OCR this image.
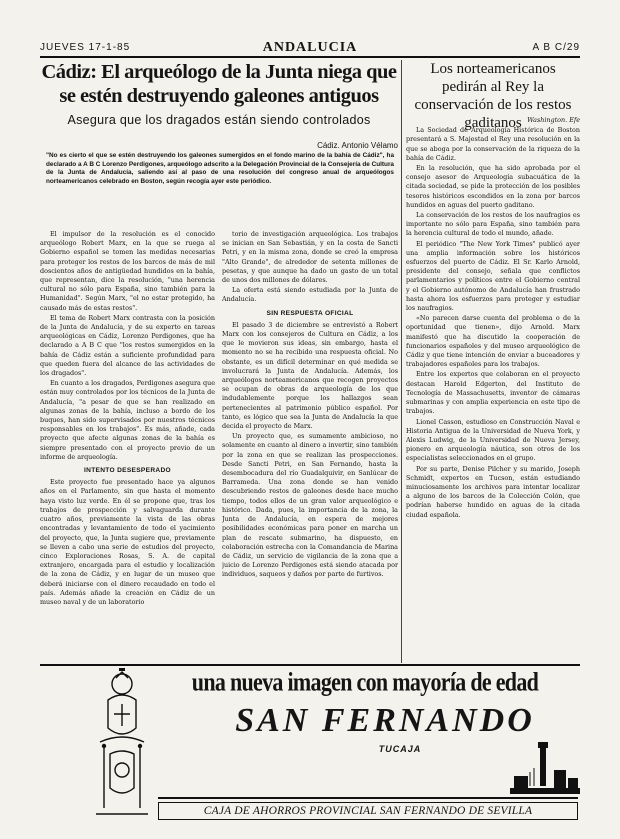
JUEVES 17-1-85	ANDALUCIA	A B C/29
Cádiz: El arqueólogo de la Junta niega que se estén destruyendo galeones antiguos
Asegura que los dragados están siendo controlados
Cádiz. Antonio Vélamo
"No es cierto el que se estén destruyendo los galeones sumergidos en el fondo marino de la bahía de Cádiz", ha declarado a A B C Lorenzo Perdigones, arqueólogo adscrito a la Delegación Provincial de la Consejería de Cultura de la Junta de Andalucía, saliendo así al paso de una resolución del congreso anual de arqueólogos norteamericanos celebrado en Boston, según recogía ayer este periódico.

El impulsor de la resolución es el conocido arqueólogo Robert Marx, en la que se ruega al Gobierno español se tomen las medidas necesarias para proteger los restos de los barcos de más de mil doscientos años de antigüedad hundidos en la bahía, que representan, dice la resolución, "una herencia cultural no sólo para España, sino también para la Humanidad". Según Marx, "el no estar protegido, ha causado más de estas restos".

El tema de Robert Marx contrasta con la posición de la Junta de Andalucía, y de su experto en tareas arqueológicas en Cádiz, Lorenzo Perdigones, que ha declarado a A B C que "los restos sumergidos en la bahía de Cádiz están a suficiente profundidad para que queden fuera del alcance de las actividades de los dragados".

En cuanto a los dragados, Perdigones asegura que están muy controlados por los técnicos de la Junta de Andalucía, "a pesar de que se han realizado en algunas zonas de la bahía, incluso a bordo de los buques, han sido supervisados por nuestros técnicos responsables en los trabajos". Es más, añade, cada proyecto que afecte algunas zonas de la bahía es siempre presentado con el proyecto previo de un informe de arqueología.

INTENTO DESESPERADO

Este proyecto fue presentado hace ya algunos años en el Parlamento, sin que hasta el momento haya visto luz verde. En él se propone que, tras los trabajos de prospección y salvaguarda durante cuatro años, previamente la vista de las obras encontradas y levantamiento de todo el yacimiento del proyecto, que, la Junta sugiere que, previamente se lleven a cabo una serie de estudios del proyecto, cinco Exploraciones Rosas, S. A. de capital extranjero, encargada para el estudio y localización de la zona de Cádiz, y en lugar de un museo que deberá iniciarse con el dinero recaudado en todo el país. Además añade la creación en Cádiz de un museo naval y de un laboratorio

torio de investigación arqueológica. Los trabajos se inician en San Sebastián, y en la costa de Sancti Petri, y en la misma zona, donde se creó la empresa "Alto Grande", de alrededor de setenta millones de pesetas, y que aunque ha dado un gasto de un total de unos dos millones de dólares.

La oferta está siendo estudiada por la Junta de Andalucía.

SIN RESPUESTA OFICIAL

El pasado 3 de diciembre se entrevistó a Robert Marx con los consejeros de Cultura en Cádiz, a los que le movieron sus ideas, sin embargo, hasta el momento no se ha recibido una respuesta oficial. No obstante, es un difícil determinar en qué medida se involucrará la Junta de Andalucía. Además, los arqueólogos norteamericanos que recogen proyectos se ocupan de obras de arqueología de los que indudablemente porque los hallazgos sean pertenecientes al patrimonio público español. Por tanto, es lógico que sea la Junta de Andalucía la que decida el proyecto de Marx.

Un proyecto que, es sumamente ambicioso, no solamente en cuanto al dinero a invertir, sino también por la zona en que se realizan las prospecciones. Desde Sancti Petri, en San Fernando, hasta la desembocadura del río Guadalquivir, en Sanlúcar de Barrameda. Una zona donde se han venido descubriendo restos de galeones desde hace mucho tiempo, todos ellos de un gran valor arqueológico e histórico. Dada, pues, la importancia de la zona, la Junta de Andalucía, en espera de mejores posibilidades económicas para poner en marcha un plan de rescate submarino, ha dispuesto, en colaboración estrecha con la Comandancia de Marina de Cádiz, un servicio de vigilancia de la zona que a juicio de Lorenzo Perdigones está siendo atacada por individuos, saqueos y daños por parte de furtivos.

Los norteamericanos pedirán al Rey la conservación de los restos gaditanos Washington. Efe

La Sociedad de Arqueología Histórica de Boston presentará a S. Majestad el Rey una resolución en la que se aboga por la conservación de la riqueza de la bahía de Cádiz.

En la resolución, que ha sido aprobada por el consejo asesor de Arqueología subacuática de la citada sociedad, se pide la protección de los posibles tesoros históricos escondidos en la zona por barcos hundidos en aguas del puerto gaditano.

La conservación de los restos de los naufragios es importante no sólo para España, sino también para la herencia cultural de todo el mundo, añade.

El periódico "The New York Times" publicó ayer una amplia información sobre los históricos esfuerzos del puerto de Cádiz. El Sr. Karlo Arnold, presidente del consejo, señala que conflictos parlamentarios y políticos entre el Gobierno central y el Gobierno autónomo de Andalucía han frustrado hasta ahora los esfuerzos para proteger y estudiar los naufragios.

«No parecen darse cuenta del problema o de la oportunidad que tienen», dijo Arnold. Marx manifestó que ha discutido la cooperación de funcionarios españoles y del museo arqueológico de Cádiz y que tiene intención de enviar a buceadores y trabajadores españoles para los trabajos.

Entre los expertos que colaboran en el proyecto destacan Harold Edgerton, del Instituto de Tecnología de Massachusetts, inventor de cámaras submarinas y con amplia experiencia en este tipo de trabajos.

Lionel Casson, estudioso en Construcción Naval e Historia Antigua de la Universidad de Nueva York, y Alexis Ludwig, de la Universidad de Nueva Jersey, pionero en arqueología náutica, son otros de los especialistas seleccionados en el grupo.

Por su parte, Denise Pilcher y su marido, Joseph Schmidt, expertos en Tucson, están estudiando minuciosamente los archivos para intentar localizar a alguno de los barcos de la Colección Colón, que podrían haberse hundido en aguas de la citada ciudad española.

una nueva imagen con mayoría de edad
SAN FERNANDO
TUCAJA
CAJA DE AHORROS PROVINCIAL SAN FERNANDO DE SEVILLA
